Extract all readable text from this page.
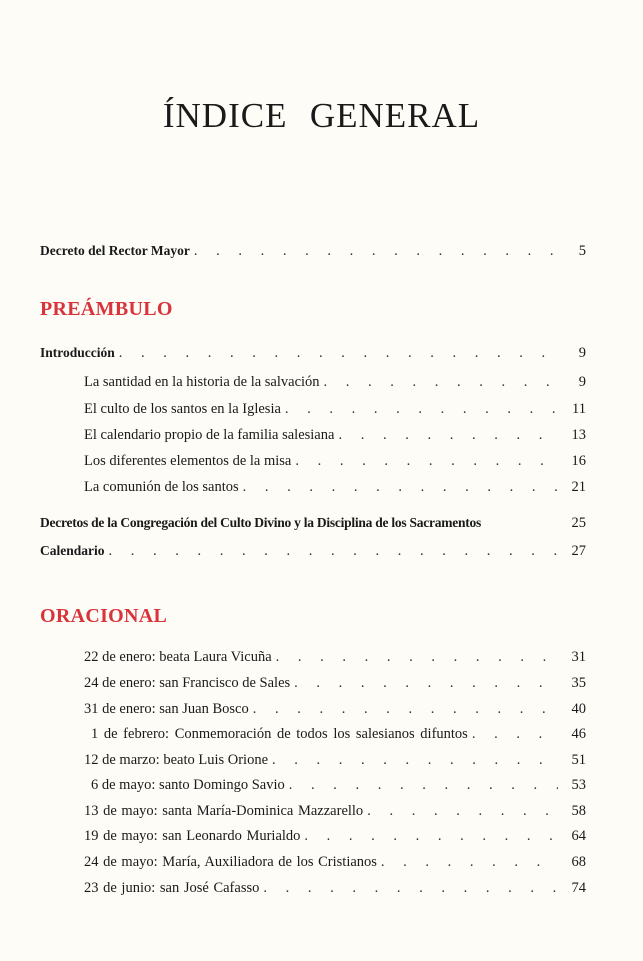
ÍNDICE GENERAL
Decreto del Rector Mayor . . .	5
PREÁMBULO
Introducción . . .	9
La santidad en la historia de la salvación . . .	9
El culto de los santos en la Iglesia . . .	11
El calendario propio de la familia salesiana . . .	13
Los diferentes elementos de la misa . . .	16
La comunión de los santos . . .	21
Decretos de la Congregación del Culto Divino y la Disciplina de los Sacramentos	25
Calendario . . .	27
ORACIONAL
22 de enero: beata Laura Vicuña . . .	31
24 de enero: san Francisco de Sales . . .	35
31 de enero: san Juan Bosco . . .	40
1 de febrero: Conmemoración de todos los salesianos difuntos . . .	46
12 de marzo: beato Luis Orione . . .	51
6 de mayo: santo Domingo Savio . . .	53
13 de mayo: santa María-Dominica Mazzarello . . .	58
19 de mayo: san Leonardo Murialdo . . .	64
24 de mayo: María, Auxiliadora de los Cristianos . . .	68
23 de junio: san José Cafasso . . .	74
